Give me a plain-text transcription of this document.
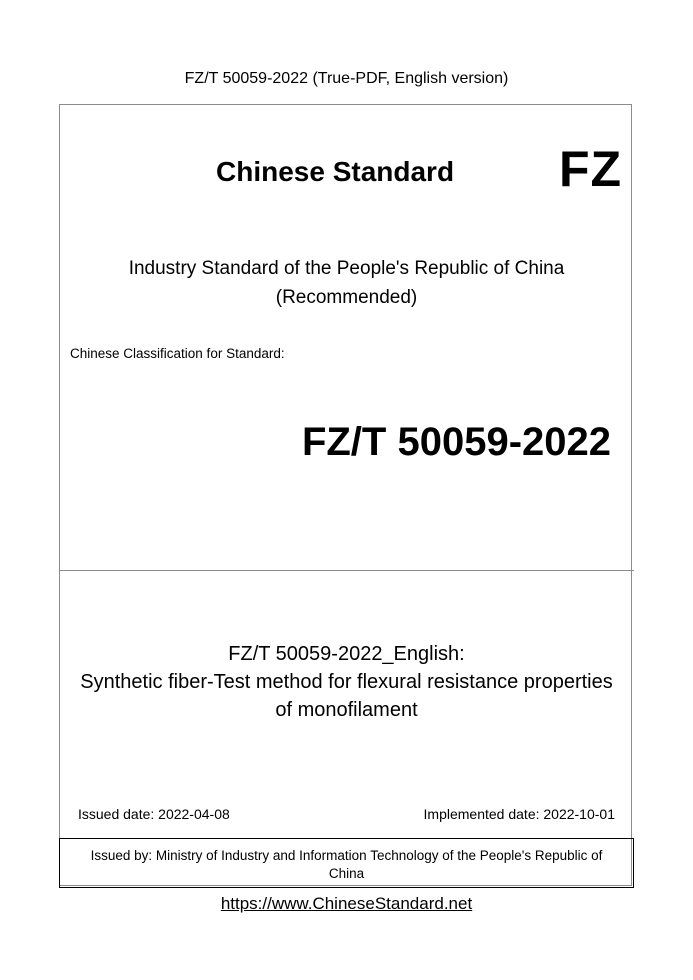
FZ/T 50059-2022 (True-PDF, English version)
Chinese Standard FZ
Industry Standard of the People's Republic of China
(Recommended)
Chinese Classification for Standard:
FZ/T 50059-2022
FZ/T 50059-2022_English:
Synthetic fiber-Test method for flexural resistance properties
of monofilament
Issued date: 2022-04-08	Implemented date: 2022-10-01
Issued by: Ministry of Industry and Information Technology of the People's Republic of
China
https://www.ChineseStandard.net
